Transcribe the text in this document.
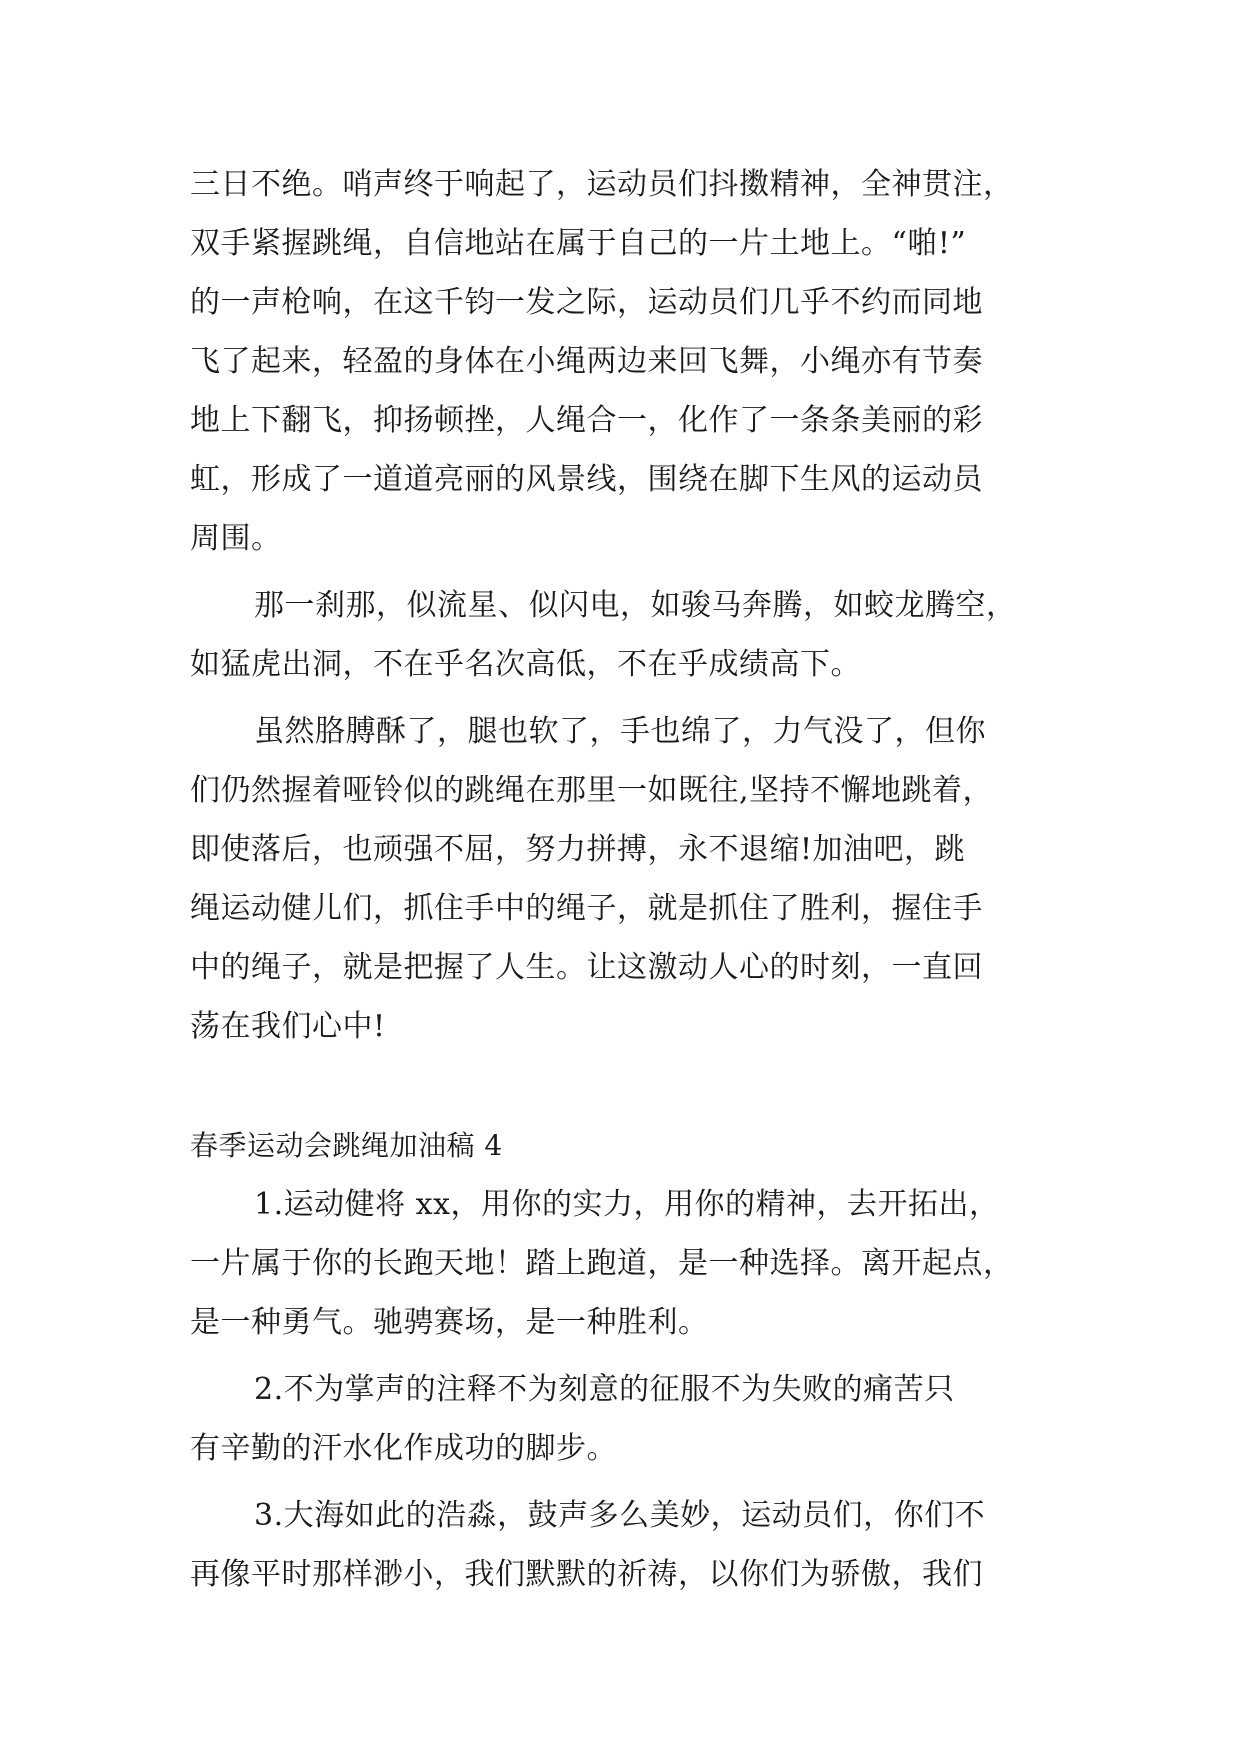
三日不绝。哨声终于响起了，运动员们抖擞精神，全神贯注，
双手紧握跳绳，自信地站在属于自己的一片土地上。“啪!”
的一声枪响，在这千钧一发之际，运动员们几乎不约而同地
飞了起来，轻盈的身体在小绳两边来回飞舞，小绳亦有节奏
地上下翻飞，抑扬顿挫，人绳合一，化作了一条条美丽的彩
虹，形成了一道道亮丽的风景线，围绕在脚下生风的运动员
周围。
那一刹那，似流星、似闪电，如骏马奔腾，如蛟龙腾空，
如猛虎出洞，不在乎名次高低，不在乎成绩高下。
虽然胳膊酥了，腿也软了，手也绵了，力气没了，但你
们仍然握着哑铃似的跳绳在那里一如既往,坚持不懈地跳着，
即使落后，也顽强不屈，努力拼搏，永不退缩!加油吧，跳
绳运动健儿们，抓住手中的绳子，就是抓住了胜利，握住手
中的绳子，就是把握了人生。让这激动人心的时刻，一直回
荡在我们心中!
春季运动会跳绳加油稿 4
1.运动健将 xx，用你的实力，用你的精神，去开拓出，
一片属于你的长跑天地！踏上跑道，是一种选择。离开起点，
是一种勇气。驰骋赛场，是一种胜利。
2.不为掌声的注释不为刻意的征服不为失败的痛苦只
有辛勤的汗水化作成功的脚步。
3.大海如此的浩淼，鼓声多么美妙，运动员们，你们不
再像平时那样渺小，我们默默的祈祷，以你们为骄傲，我们
